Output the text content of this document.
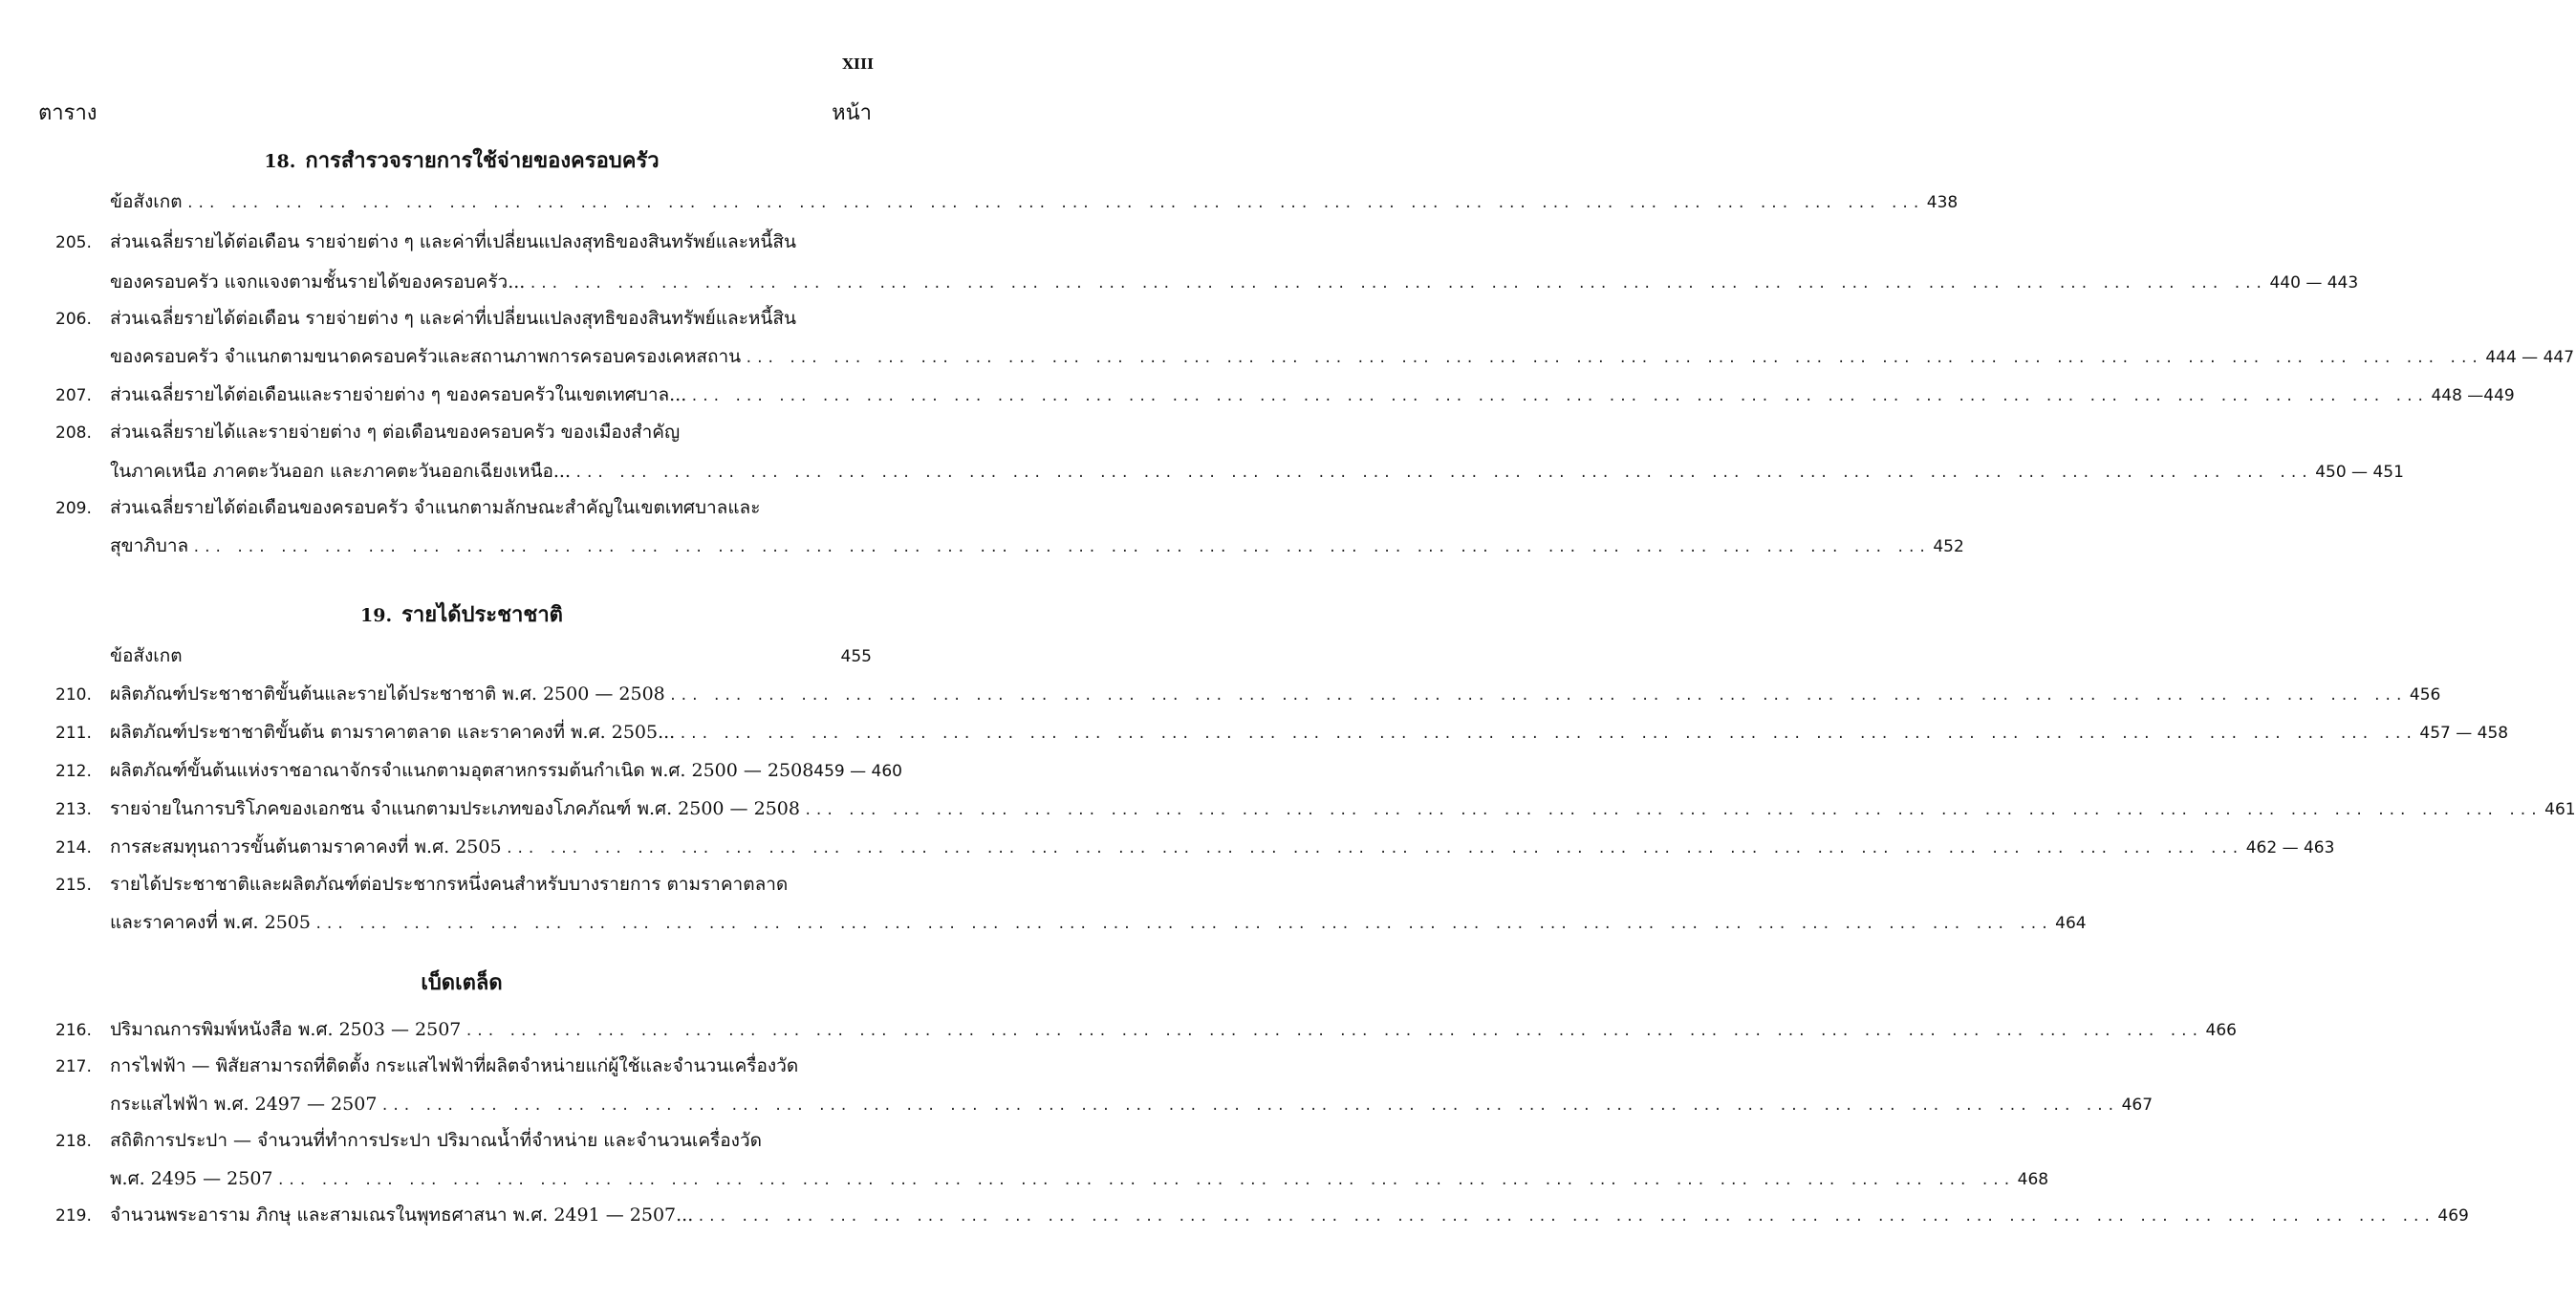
XIII
ตาราง	หน้า
18. การสำรวจรายการใช้จ่ายของครอบครัว
19. รายได้ประชาชาติ
เบ็ดเตล็ด
ข้อสังเกต ... ... ... ... ... ... ... ... ... ... ... ... ... ... ... ... ... ... ... ... ... ... ... ... ... ... ... ... ... ... ... ... ... ... ... ... ... ... ... ... 438
205.	ส่วนเฉลี่ยรายได้ต่อเดือน รายจ่ายต่าง ๆ และค่าที่เปลี่ยนแปลงสุทธิของสินทรัพย์และหนี้สิน
ของครอบครัว แจกแจงตามชั้นรายได้ของครอบครัว... ... ... ... ... ... ... ... ... ... ... ... ... ... ... ... ... ... ... ... ... ... ... ... ... ... ... ... ... ... ... ... ... ... ... ... ... ... ... ... ... 440 — 443
206.	ส่วนเฉลี่ยรายได้ต่อเดือน รายจ่ายต่าง ๆ และค่าที่เปลี่ยนแปลงสุทธิของสินทรัพย์และหนี้สิน
ของครอบครัว จำแนกตามขนาดครอบครัวและสถานภาพการครอบครองเคหสถาน ... ... ... ... ... ... ... ... ... ... ... ... ... ... ... ... ... ... ... ... ... ... ... ... ... ... ... ... ... ... ... ... ... ... ... ... ... ... ... ... 444 — 447
207.	ส่วนเฉลี่ยรายได้ต่อเดือนและรายจ่ายต่าง ๆ ของครอบครัวในเขตเทศบาล... ... ... ... ... ... ... ... ... ... ... ... ... ... ... ... ... ... ... ... ... ... ... ... ... ... ... ... ... ... ... ... ... ... ... ... ... ... ... ... ... 448 —449
208.	ส่วนเฉลี่ยรายได้และรายจ่ายต่าง ๆ ต่อเดือนของครอบครัว ของเมืองสำคัญ
ในภาคเหนือ ภาคตะวันออก และภาคตะวันออกเฉียงเหนือ... ... ... ... ... ... ... ... ... ... ... ... ... ... ... ... ... ... ... ... ... ... ... ... ... ... ... ... ... ... ... ... ... ... ... ... ... ... ... ... ... 450 — 451
209.	ส่วนเฉลี่ยรายได้ต่อเดือนของครอบครัว จำแนกตามลักษณะสำคัญในเขตเทศบาลและ
สุขาภิบาล ... ... ... ... ... ... ... ... ... ... ... ... ... ... ... ... ... ... ... ... ... ... ... ... ... ... ... ... ... ... ... ... ... ... ... ... ... ... ... ... 452
ข้อสังเกต	455
210.	ผลิตภัณฑ์ประชาชาติขั้นต้นและรายได้ประชาชาติ พ.ศ. 2500 — 2508 ... ... ... ... ... ... ... ... ... ... ... ... ... ... ... ... ... ... ... ... ... ... ... ... ... ... ... ... ... ... ... ... ... ... ... ... ... ... ... ... 456
211.	ผลิตภัณฑ์ประชาชาติขั้นต้น ตามราคาตลาด และราคาคงที่ พ.ศ. 2505... ... ... ... ... ... ... ... ... ... ... ... ... ... ... ... ... ... ... ... ... ... ... ... ... ... ... ... ... ... ... ... ... ... ... ... ... ... ... ... ... 457 — 458
212.	ผลิตภัณฑ์ขั้นต้นแห่งราชอาณาจักรจำแนกตามอุตสาหกรรมต้นกำเนิด พ.ศ. 2500 — 2508 459 — 460
213.	รายจ่ายในการบริโภคของเอกชน จำแนกตามประเภทของโภคภัณฑ์ พ.ศ. 2500 — 2508 ... ... ... ... ... ... ... ... ... ... ... ... ... ... ... ... ... ... ... ... ... ... ... ... ... ... ... ... ... ... ... ... ... ... ... ... ... ... ... ... 461
214.	การสะสมทุนถาวรขั้นต้นตามราคาคงที่ พ.ศ. 2505 ... ... ... ... ... ... ... ... ... ... ... ... ... ... ... ... ... ... ... ... ... ... ... ... ... ... ... ... ... ... ... ... ... ... ... ... ... ... ... ... 462 — 463
215.	รายได้ประชาชาติและผลิตภัณฑ์ต่อประชากรหนึ่งคนสำหรับบางรายการ ตามราคาตลาด
และราคาคงที่ พ.ศ. 2505 ... ... ... ... ... ... ... ... ... ... ... ... ... ... ... ... ... ... ... ... ... ... ... ... ... ... ... ... ... ... ... ... ... ... ... ... ... ... ... ... 464
216.	ปริมาณการพิมพ์หนังสือ พ.ศ. 2503 — 2507 ... ... ... ... ... ... ... ... ... ... ... ... ... ... ... ... ... ... ... ... ... ... ... ... ... ... ... ... ... ... ... ... ... ... ... ... ... ... ... ... 466
217.	การไฟฟ้า — พิสัยสามารถที่ติดตั้ง กระแสไฟฟ้าที่ผลิตจำหน่ายแก่ผู้ใช้และจำนวนเครื่องวัด
กระแสไฟฟ้า พ.ศ. 2497 — 2507 ... ... ... ... ... ... ... ... ... ... ... ... ... ... ... ... ... ... ... ... ... ... ... ... ... ... ... ... ... ... ... ... ... ... ... ... ... ... ... ... 467
218.	สถิติการประปา — จำนวนที่ทำการประปา ปริมาณน้ำที่จำหน่าย และจำนวนเครื่องวัด
พ.ศ. 2495 — 2507 ... ... ... ... ... ... ... ... ... ... ... ... ... ... ... ... ... ... ... ... ... ... ... ... ... ... ... ... ... ... ... ... ... ... ... ... ... ... ... ... 468
219.	จำนวนพระอาราม ภิกษุ และสามเณรในพุทธศาสนา พ.ศ. 2491 — 2507... ... ... ... ... ... ... ... ... ... ... ... ... ... ... ... ... ... ... ... ... ... ... ... ... ... ... ... ... ... ... ... ... ... ... ... ... ... ... ... ... 469
